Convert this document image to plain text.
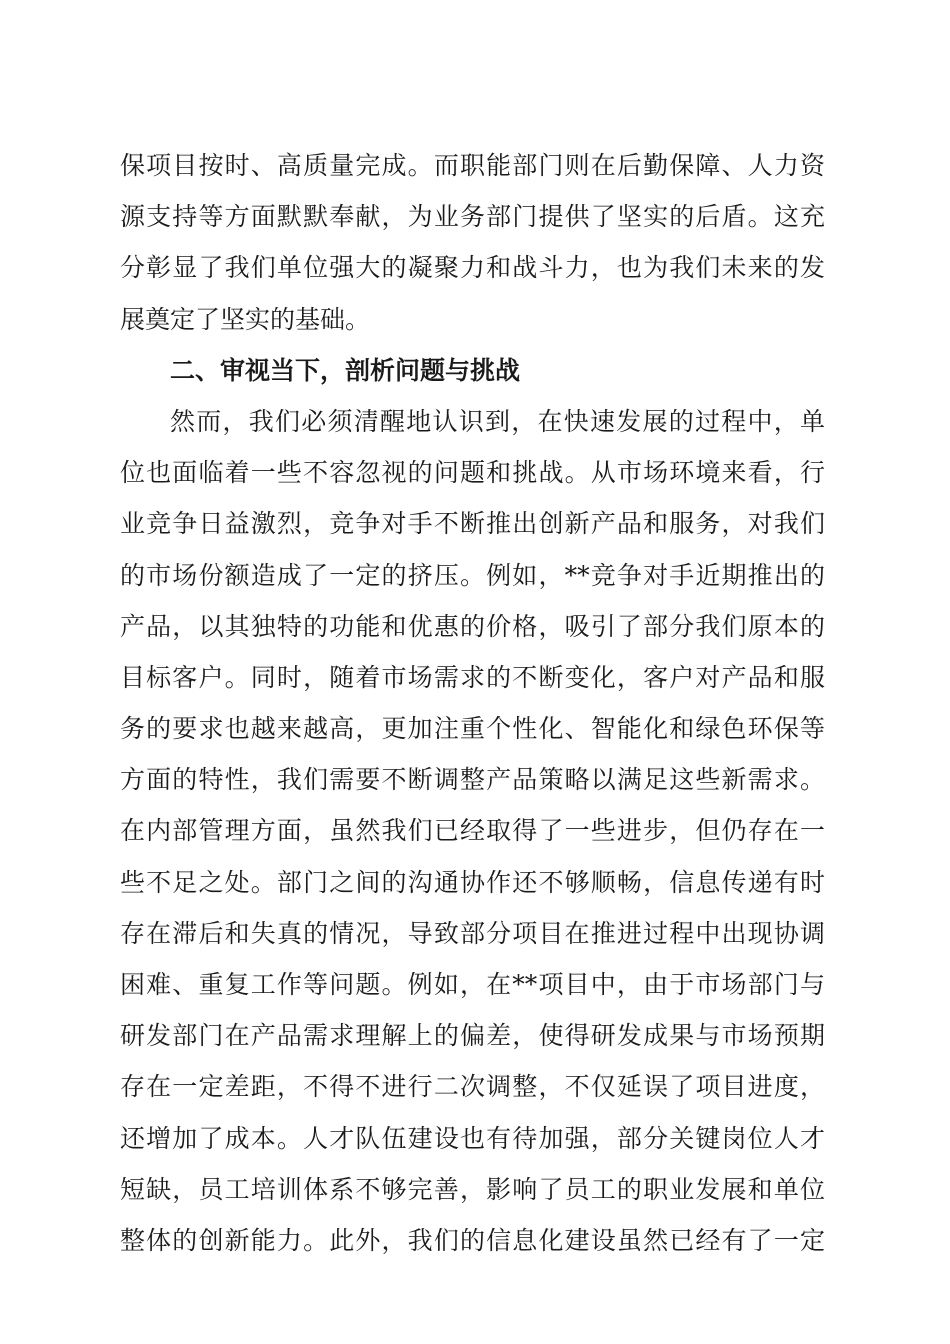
保项目按时、高质量完成。而职能部门则在后勤保障、人力资
源支持等方面默默奉献，为业务部门提供了坚实的后盾。这充
分彰显了我们单位强大的凝聚力和战斗力，也为我们未来的发
展奠定了坚实的基础。
二、审视当下，剖析问题与挑战
然而，我们必须清醒地认识到，在快速发展的过程中，单
位也面临着一些不容忽视的问题和挑战。从市场环境来看，行
业竞争日益激烈，竞争对手不断推出创新产品和服务，对我们
的市场份额造成了一定的挤压。例如，**竞争对手近期推出的
产品，以其独特的功能和优惠的价格，吸引了部分我们原本的
目标客户。同时，随着市场需求的不断变化，客户对产品和服
务的要求也越来越高，更加注重个性化、智能化和绿色环保等
方面的特性，我们需要不断调整产品策略以满足这些新需求。
在内部管理方面，虽然我们已经取得了一些进步，但仍存在一
些不足之处。部门之间的沟通协作还不够顺畅，信息传递有时
存在滞后和失真的情况，导致部分项目在推进过程中出现协调
困难、重复工作等问题。例如，在**项目中，由于市场部门与
研发部门在产品需求理解上的偏差，使得研发成果与市场预期
存在一定差距，不得不进行二次调整，不仅延误了项目进度，
还增加了成本。人才队伍建设也有待加强，部分关键岗位人才
短缺，员工培训体系不够完善，影响了员工的职业发展和单位
整体的创新能力。此外，我们的信息化建设虽然已经有了一定
